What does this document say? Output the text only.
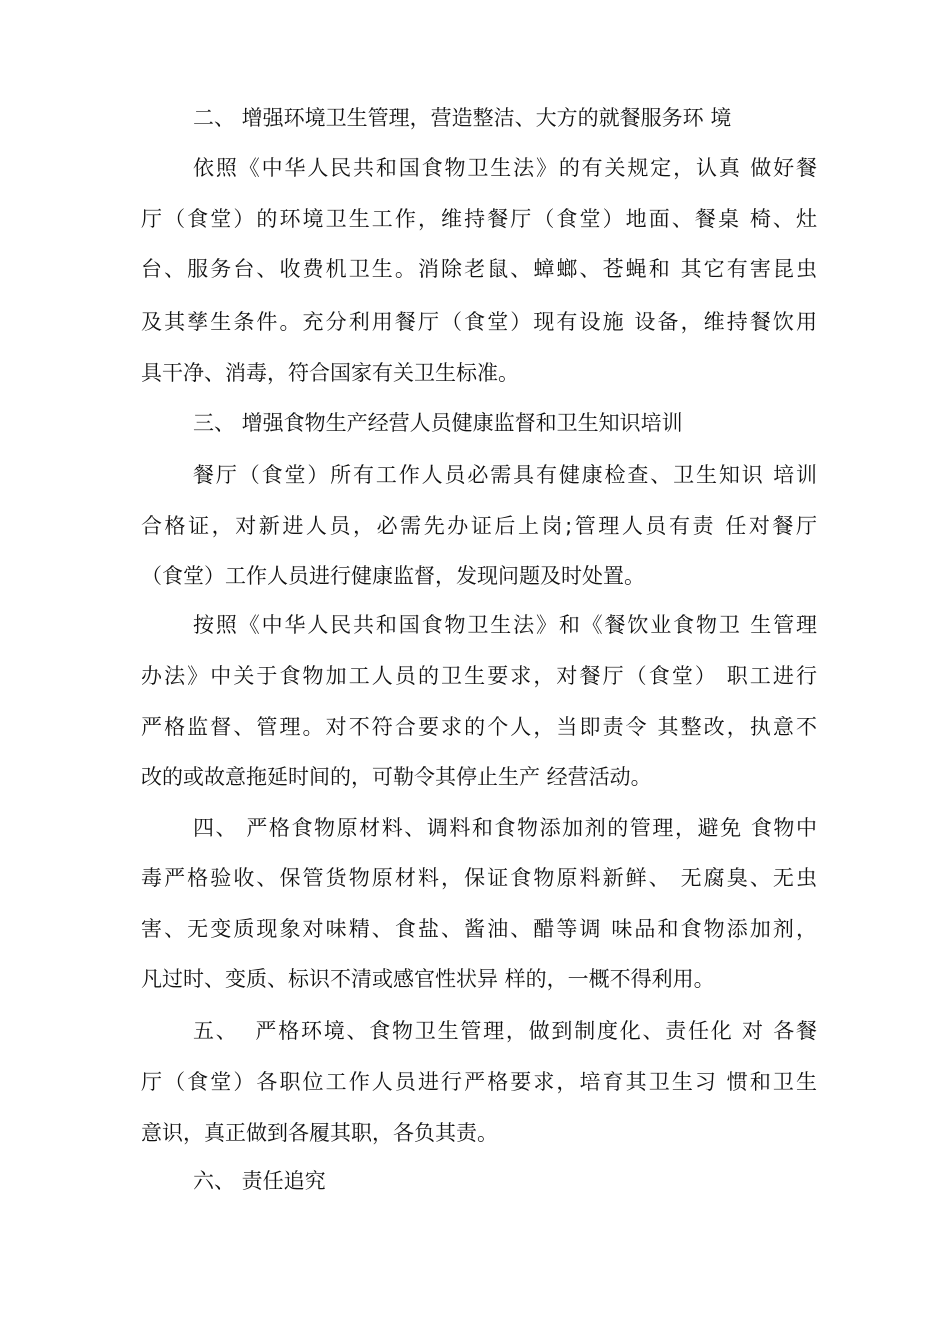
二、 增强环境卫生管理，营造整洁、大方的就餐服务环 境
依照《中华人民共和国食物卫生法》的有关规定，认真 做好餐
厅（食堂）的环境卫生工作，维持餐厅（食堂）地面、餐桌 椅、灶
台、服务台、收费机卫生。消除老鼠、蟑螂、苍蝇和 其它有害昆虫
及其孳生条件。充分利用餐厅（食堂）现有设施 设备，维持餐饮用
具干净、消毒，符合国家有关卫生标准。
三、 增强食物生产经营人员健康监督和卫生知识培训
餐厅（食堂）所有工作人员必需具有健康检查、卫生知识 培训
合格证，对新进人员，必需先办证后上岗;管理人员有责 任对餐厅
（食堂）工作人员进行健康监督，发现问题及时处置。
按照《中华人民共和国食物卫生法》和《餐饮业食物卫 生管理
办法》中关于食物加工人员的卫生要求，对餐厅（食堂） 职工进行
严格监督、管理。对不符合要求的个人，当即责令 其整改，执意不
改的或故意拖延时间的，可勒令其停止生产 经营活动。
四、 严格食物原材料、调料和食物添加剂的管理，避免 食物中
毒严格验收、保管货物原材料，保证食物原料新鲜、 无腐臭、无虫
害、无变质现象对味精、食盐、酱油、醋等调 味品和食物添加剂，
凡过时、变质、标识不清或感官性状异 样的，一概不得利用。
五、  严格环境、食物卫生管理，做到制度化、责任化 对 各餐
厅（食堂）各职位工作人员进行严格要求，培育其卫生习 惯和卫生
意识，真正做到各履其职，各负其责。
六、 责任追究
